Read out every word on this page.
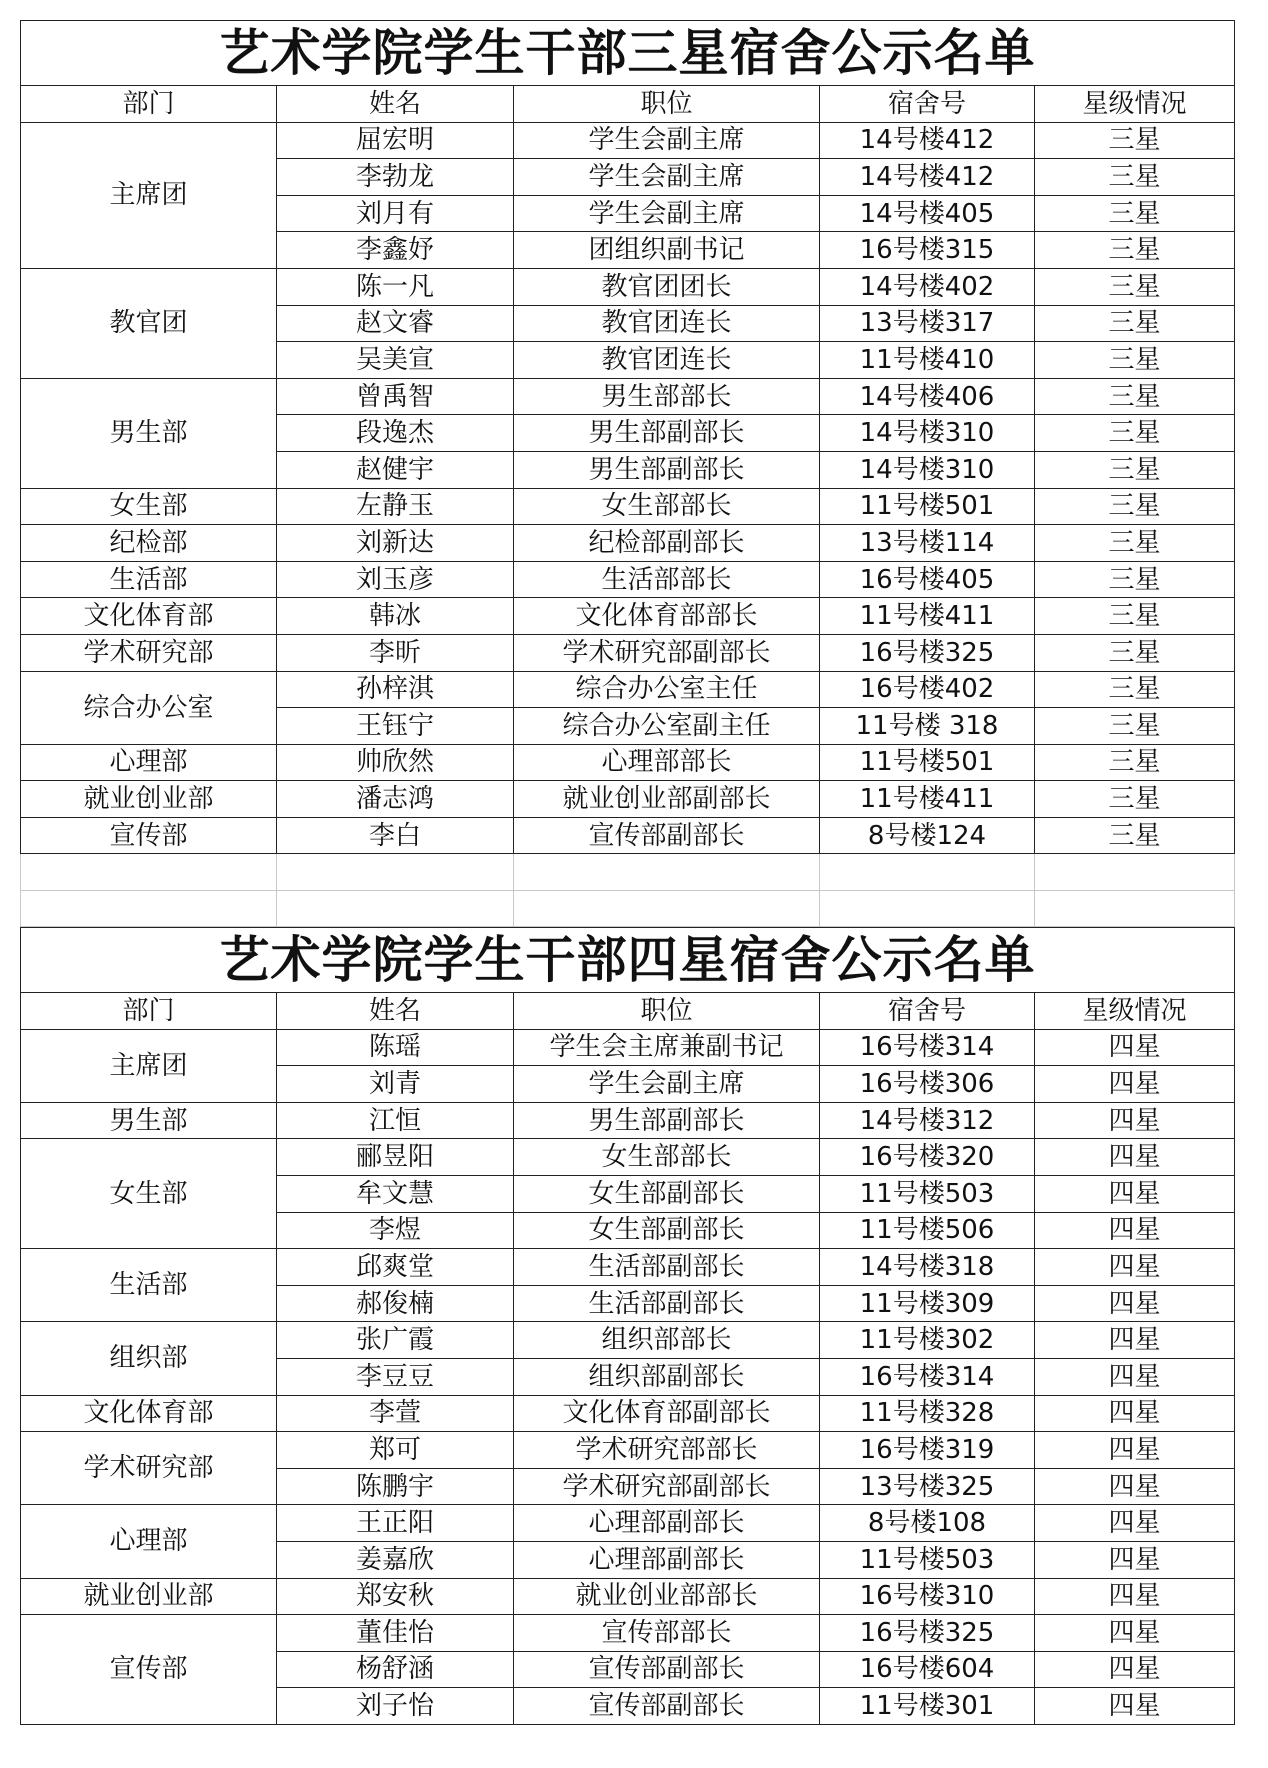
艺术学院学生干部三星宿舍公示名单				
部门	姓名	职位	宿舍号	星级情况
主席团	屈宏明	学生会副主席	14号楼412	三星
	李勃龙	学生会副主席	14号楼412	三星
	刘月有	学生会副主席	14号楼405	三星
	李鑫妤	团组织副书记	16号楼315	三星
教官团	陈一凡	教官团团长	14号楼402	三星
	赵文睿	教官团连长	13号楼317	三星
	吴美宣	教官团连长	11号楼410	三星
男生部	曾禹智	男生部部长	14号楼406	三星
	段逸杰	男生部副部长	14号楼310	三星
	赵健宇	男生部副部长	14号楼310	三星
女生部	左静玉	女生部部长	11号楼501	三星
纪检部	刘新达	纪检部副部长	13号楼114	三星
生活部	刘玉彦	生活部部长	16号楼405	三星
文化体育部	韩冰	文化体育部部长	11号楼411	三星
学术研究部	李昕	学术研究部副部长	16号楼325	三星
综合办公室	孙梓淇	综合办公室主任	16号楼402	三星
	王钰宁	综合办公室副主任	11号楼 318	三星
心理部	帅欣然	心理部部长	11号楼501	三星
就业创业部	潘志鸿	就业创业部副部长	11号楼411	三星
宣传部	李白	宣传部副部长	8号楼124	三星
艺术学院学生干部四星宿舍公示名单				
部门	姓名	职位	宿舍号	星级情况
主席团	陈瑶	学生会主席兼副书记	16号楼314	四星
	刘青	学生会副主席	16号楼306	四星
男生部	江恒	男生部副部长	14号楼312	四星
女生部	郦昱阳	女生部部长	16号楼320	四星
	牟文慧	女生部副部长	11号楼503	四星
	李煜	女生部副部长	11号楼506	四星
生活部	邱爽堂	生活部副部长	14号楼318	四星
	郝俊楠	生活部副部长	11号楼309	四星
组织部	张广霞	组织部部长	11号楼302	四星
	李豆豆	组织部副部长	16号楼314	四星
文化体育部	李萱	文化体育部副部长	11号楼328	四星
学术研究部	郑可	学术研究部部长	16号楼319	四星
	陈鹏宇	学术研究部副部长	13号楼325	四星
心理部	王正阳	心理部副部长	8号楼108	四星
	姜嘉欣	心理部副部长	11号楼503	四星
就业创业部	郑安秋	就业创业部部长	16号楼310	四星
宣传部	董佳怡	宣传部部长	16号楼325	四星
	杨舒涵	宣传部副部长	16号楼604	四星
	刘子怡	宣传部副部长	11号楼301	四星
